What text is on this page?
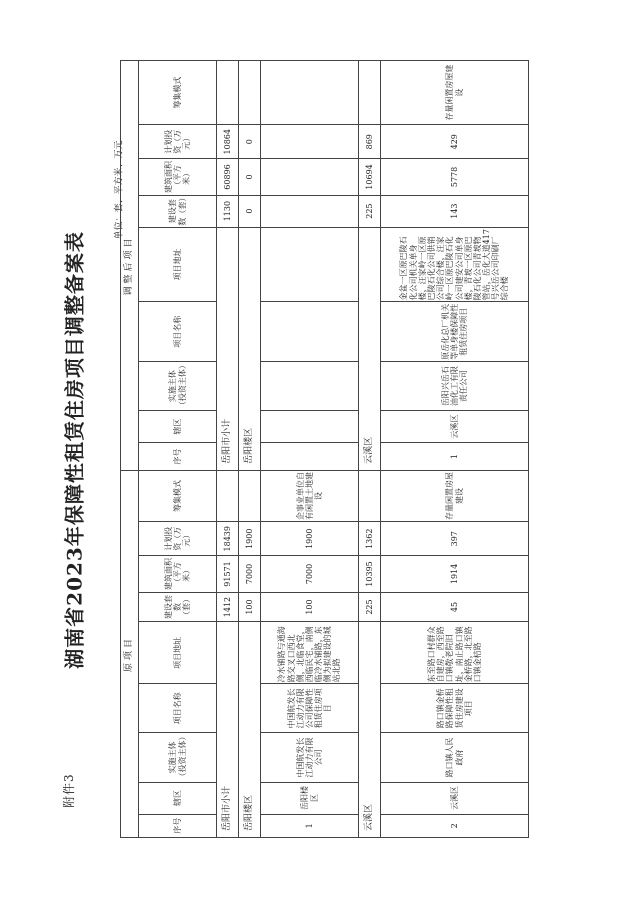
附件3
湖南省2023年保障性租赁住房项目调整备案表
单位：套、平方米、万元
原项目									调整后项目								
序号	辖区	实施主体（投资主体）	项目名称	项目地址	建设套数（套）	建筑面积（平方米）	计划投资（万元）	筹集模式	序号	辖区	实施主体（投资主体）	项目名称	项目地址	建设套数（套）	建筑面积（平方米）	计划投资（万元）	筹集模式
岳阳市小计					1412	91571	18439		岳阳市小计					1130	60896	10864	
岳阳楼区					100	7000	1900		岳阳楼区					0	0	0	
1	岳阳楼区	中国航发长江动力有限公司	中国航发长江动力有限公司保障性租赁住房项目	冷水铺路与通海路交叉口西北侧，北临食堂，西临民宅，南侧临冷水铺路，东侧为拟建设的城站北路	100	7000	1900	企事业单位自有闲置土地建设									
云溪区					225	10395	1362		云溪区					225	10694	869	
2	云溪区	路口镇人民政府	路口镇金桥路保障性租赁住房建设项目	东至路口村群众自建房，西至路口镇敬老院旧址，南止路口镇金桥路，北至路口镇金桔路	45	1914	397	存量闲置房屋建设	1	云溪区	岳阳兴岳石油化工有限责任公司	原岳化总厂机关等单身楼保障性租赁住房项目	金盆一区原巴陵石化公司机关单身楼，汪家岭一区原巴陵石化公司供销公司综合楼，汪家岭一区原巴陵石化公司建安公司单身楼，青坡一区原巴陵石化公司青坡物管站，岳化大道417号兴岳公司印刷厂综合楼	143	5778	429	存量闲置房屋建设
